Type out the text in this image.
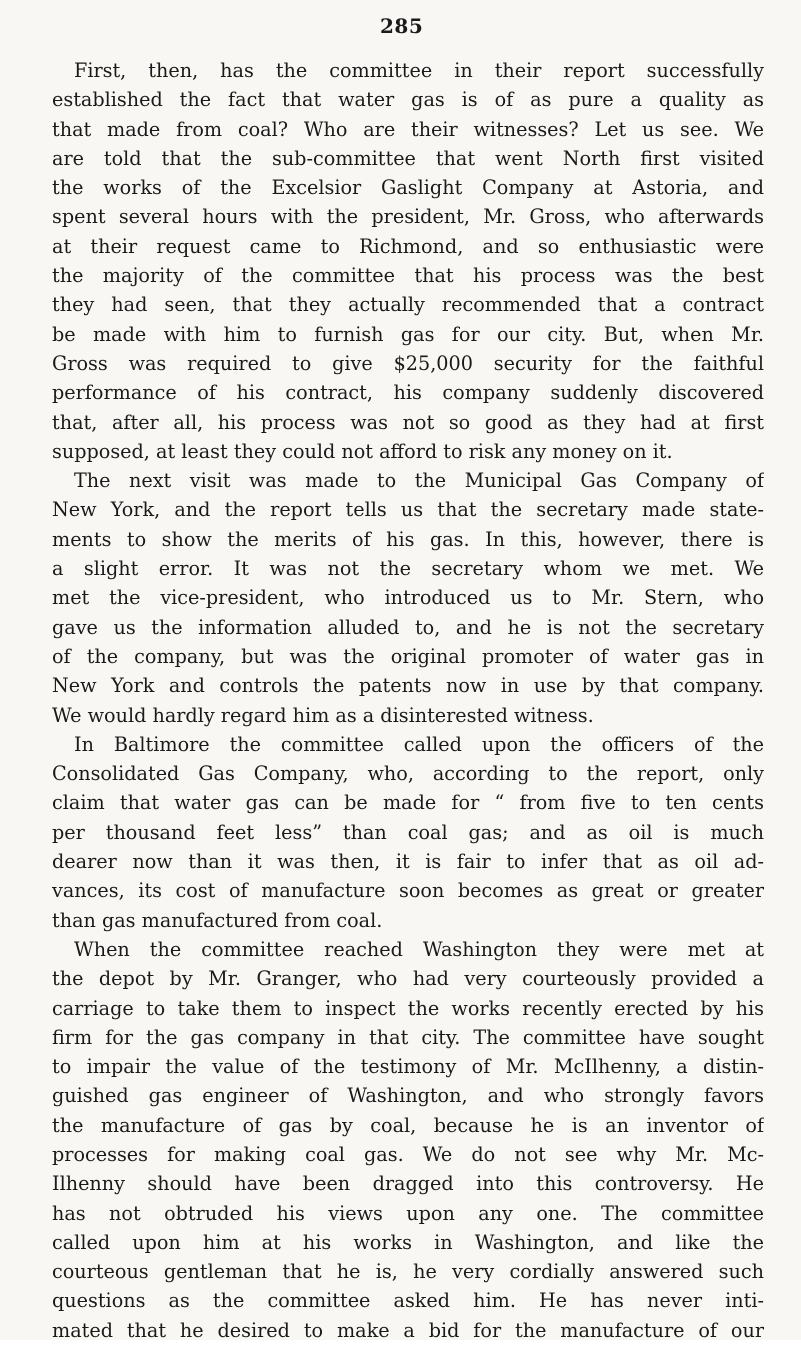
285
First, then, has the committee in their report successfully
established the fact that water gas is of as pure a quality as
that made from coal? Who are their witnesses? Let us see. We
are told that the sub-committee that went North first visited
the works of the Excelsior Gaslight Company at Astoria, and
spent several hours with the president, Mr. Gross, who afterwards
at their request came to Richmond, and so enthusiastic were
the majority of the committee that his process was the best
they had seen, that they actually recommended that a contract
be made with him to furnish gas for our city. But, when Mr.
Gross was required to give $25,000 security for the faithful
performance of his contract, his company suddenly discovered
that, after all, his process was not so good as they had at first
supposed, at least they could not afford to risk any money on it.
The next visit was made to the Municipal Gas Company of
New York, and the report tells us that the secretary made state-
ments to show the merits of his gas. In this, however, there is
a slight error. It was not the secretary whom we met. We
met the vice-president, who introduced us to Mr. Stern, who
gave us the information alluded to, and he is not the secretary
of the company, but was the original promoter of water gas in
New York and controls the patents now in use by that company.
We would hardly regard him as a disinterested witness.
In Baltimore the committee called upon the officers of the
Consolidated Gas Company, who, according to the report, only
claim that water gas can be made for “ from five to ten cents
per thousand feet less” than coal gas; and as oil is much
dearer now than it was then, it is fair to infer that as oil ad-
vances, its cost of manufacture soon becomes as great or greater
than gas manufactured from coal.
When the committee reached Washington they were met at
the depot by Mr. Granger, who had very courteously provided a
carriage to take them to inspect the works recently erected by his
firm for the gas company in that city. The committee have sought
to impair the value of the testimony of Mr. McIlhenny, a distin-
guished gas engineer of Washington, and who strongly favors
the manufacture of gas by coal, because he is an inventor of
processes for making coal gas. We do not see why Mr. Mc-
Ilhenny should have been dragged into this controversy. He
has not obtruded his views upon any one. The committee
called upon him at his works in Washington, and like the
courteous gentleman that he is, he very cordially answered such
questions as the committee asked him. He has never inti-
mated that he desired to make a bid for the manufacture of our
